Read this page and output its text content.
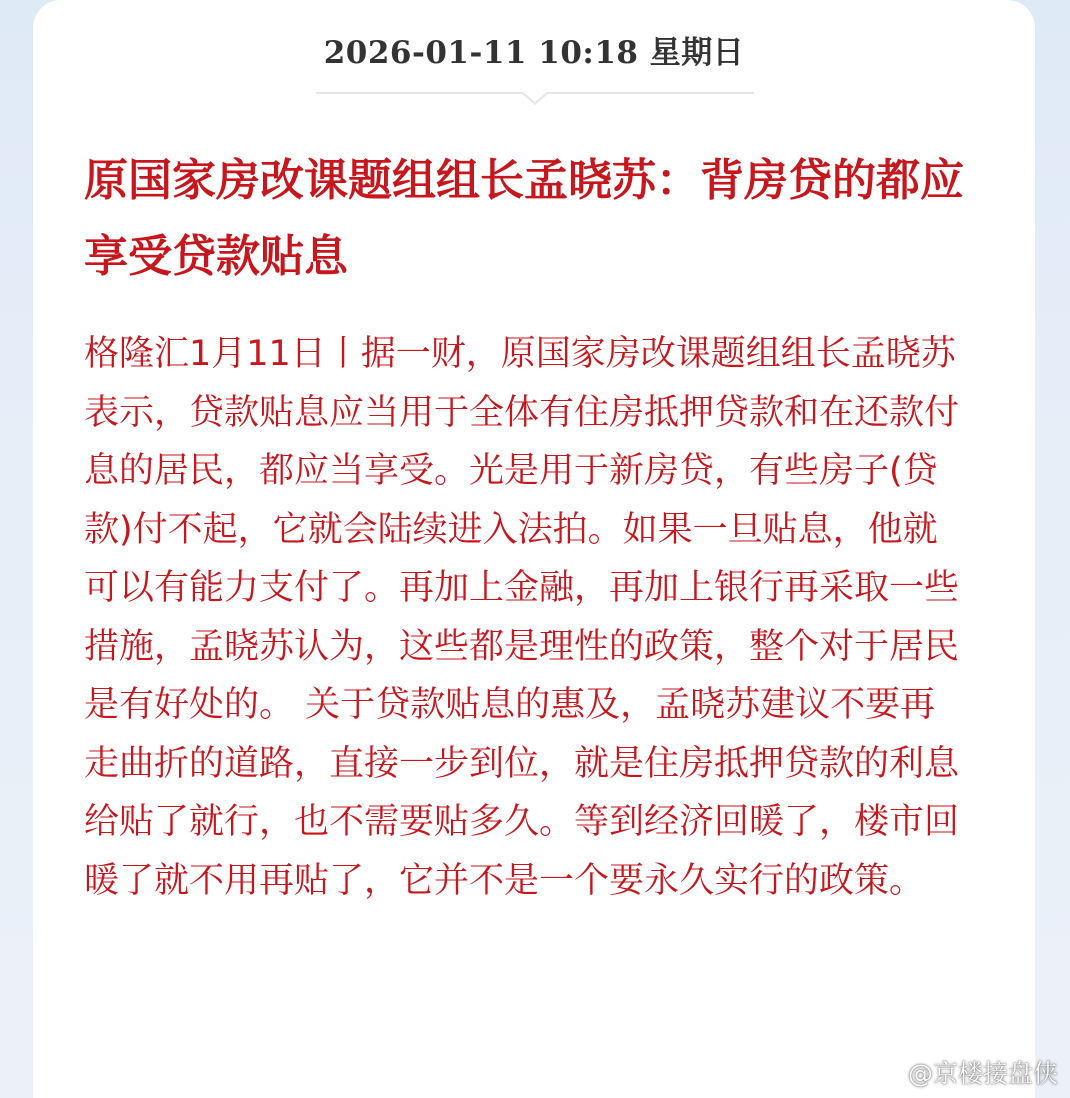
2026-01-11 10:18 星期日
原国家房改课题组组长孟晓苏：背房贷的都应享受贷款贴息

格隆汇1月11日丨据一财，原国家房改课题组组长孟晓苏表示，贷款贴息应当用于全体有住房抵押贷款和在还款付息的居民，都应当享受。光是用于新房贷，有些房子(贷款)付不起，它就会陆续进入法拍。如果一旦贴息，他就可以有能力支付了。再加上金融，再加上银行再采取一些措施，孟晓苏认为，这些都是理性的政策，整个对于居民是有好处的。 关于贷款贴息的惠及，孟晓苏建议不要再走曲折的道路，直接一步到位，就是住房抵押贷款的利息给贴了就行，也不需要贴多久。等到经济回暖了，楼市回暖了就不用再贴了，它并不是一个要永久实行的政策。

@京楼接盘侠
